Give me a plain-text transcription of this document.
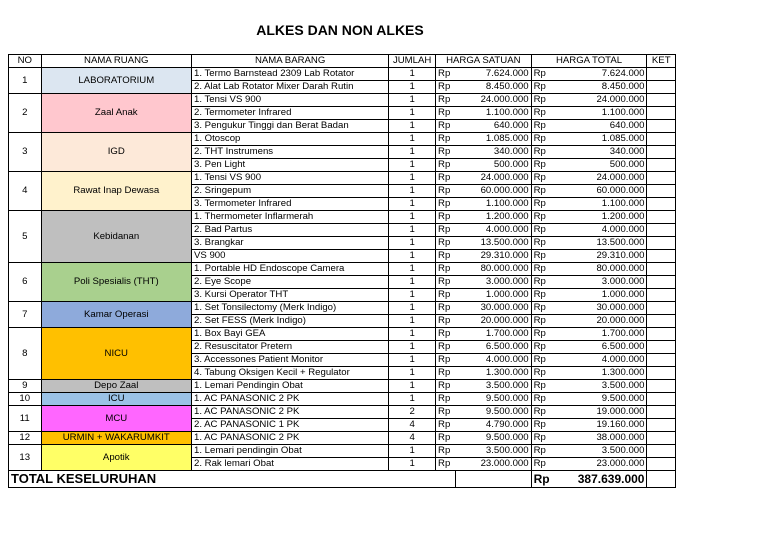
ALKES DAN NON ALKES
NO	NAMA RUANG	NAMA BARANG	JUMLAH	HARGA SATUAN		HARGA TOTAL		KET
1	LABORATORIUM	1. Termo Barnstead 2309 Lab Rotator	1	Rp	7.624.000	Rp	7.624.000	
		2. Alat Lab Rotator Mixer Darah Rutin	1	Rp	8.450.000	Rp	8.450.000	
2	Zaal Anak	1. Tensi VS 900	1	Rp	24.000.000	Rp	24.000.000	
		2. Termometer Infrared	1	Rp	1.100.000	Rp	1.100.000	
		3. Pengukur Tinggi dan Berat Badan	1	Rp	640.000	Rp	640.000	
3	IGD	1. Otoscop	1	Rp	1.085.000	Rp	1.085.000	
		2. THT Instrumens	1	Rp	340.000	Rp	340.000	
		3. Pen Light	1	Rp	500.000	Rp	500.000	
4	Rawat Inap Dewasa	1. Tensi VS 900	1	Rp	24.000.000	Rp	24.000.000	
		2. Sringepum	1	Rp	60.000.000	Rp	60.000.000	
		3. Termometer Infrared	1	Rp	1.100.000	Rp	1.100.000	
5	Kebidanan	1. Thermometer Inflarmerah	1	Rp	1.200.000	Rp	1.200.000	
		2. Bad Partus	1	Rp	4.000.000	Rp	4.000.000	
		3. Brangkar	1	Rp	13.500.000	Rp	13.500.000	
		VS 900	1	Rp	29.310.000	Rp	29.310.000	
6	Poli Spesialis (THT)	1. Portable HD Endoscope Camera	1	Rp	80.000.000	Rp	80.000.000	
		2. Eye Scope	1	Rp	3.000.000	Rp	3.000.000	
		3. Kursi Operator THT	1	Rp	1.000.000	Rp	1.000.000	
7	Kamar Operasi	1. Set Tonsilectomy (Merk Indigo)	1	Rp	30.000.000	Rp	30.000.000	
		2. Set FESS (Merk Indigo)	1	Rp	20.000.000	Rp	20.000.000	
8	NICU	1. Box Bayi GEA	1	Rp	1.700.000	Rp	1.700.000	
		2. Resuscitator Pretern	1	Rp	6.500.000	Rp	6.500.000	
		3. Accessones Patient Monitor	1	Rp	4.000.000	Rp	4.000.000	
		4. Tabung Oksigen Kecil + Regulator	1	Rp	1.300.000	Rp	1.300.000	
9	Depo Zaal	1. Lemari Pendingin Obat	1	Rp	3.500.000	Rp	3.500.000	
10	ICU	1. AC PANASONIC 2 PK	1	Rp	9.500.000	Rp	9.500.000	
11	MCU	1. AC PANASONIC 2 PK	2	Rp	9.500.000	Rp	19.000.000	
		2. AC PANASONIC 1 PK	4	Rp	4.790.000	Rp	19.160.000	
12	URMIN + WAKARUMKIT	1. AC PANASONIC 2 PK	4	Rp	9.500.000	Rp	38.000.000	
13	Apotik	1. Lemari pendingin Obat	1	Rp	3.500.000	Rp	3.500.000	
		2. Rak lemari Obat	1	Rp	23.000.000	Rp	23.000.000	
TOTAL KESELURUHAN						Rp	387.639.000	
